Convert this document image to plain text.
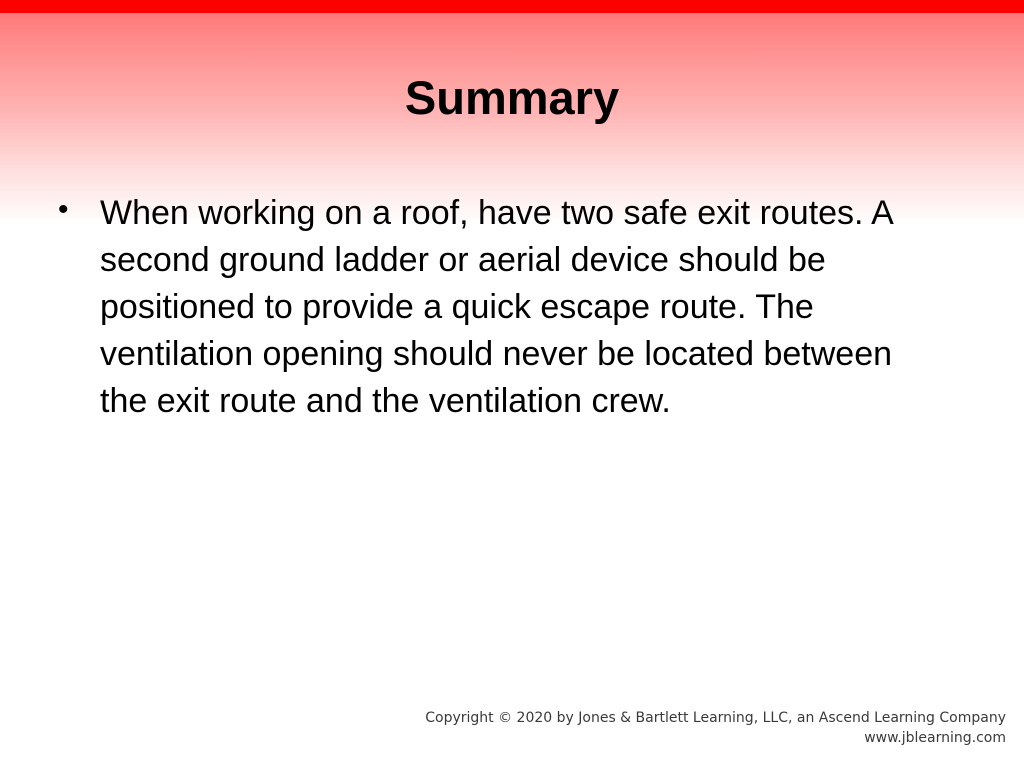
Summary
• When working on a roof, have two safe exit routes. A second ground ladder or aerial device should be positioned to provide a quick escape route. The ventilation opening should never be located between the exit route and the ventilation crew.
Copyright © 2020 by Jones & Bartlett Learning, LLC, an Ascend Learning Company
www.jblearning.com
